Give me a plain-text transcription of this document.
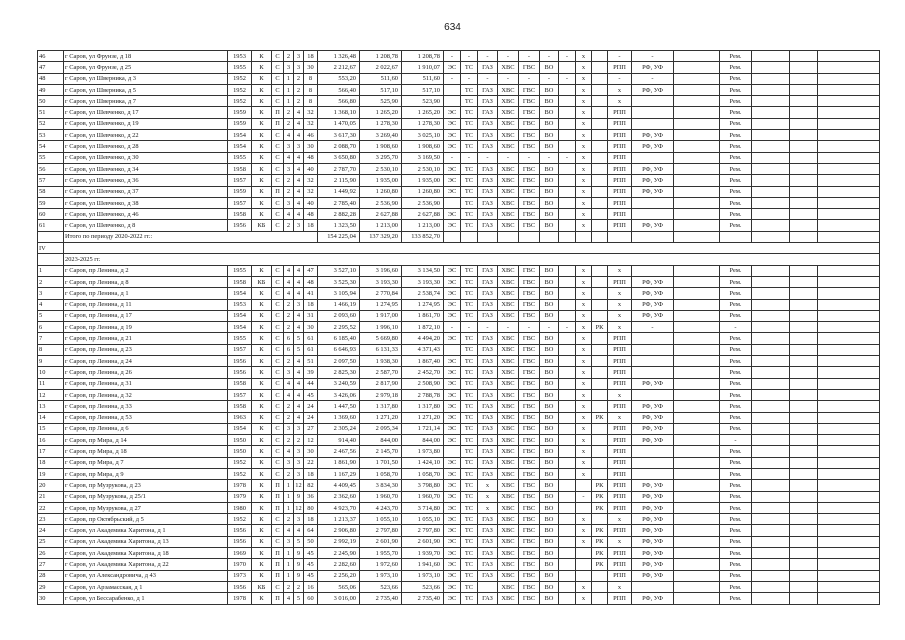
634
46	г Саров, ул Фрунзе, д 18	1953	К	С	2	3	18	1 326,48	1 208,78	1 208,78	-	-	-	-	-	-	-	х		-	-		Рем.			
47	г Саров, ул Фрунзе, д 25	1955	К	С	3	3	30	2 212,67	2 022,67	1 910,07	ЭС	ТС	ГАЗ	ХВС	ГВС	ВО		х		РПП	РФ, УФ		Рем.			
48	г Саров, ул Шверника, д 3	1952	К	С	1	2	8	553,20	511,60	511,60	-	-	-	-	-	-	-	х		-	-		Рем.			
49	г Саров, ул Шверника, д 5	1952	К	С	1	2	8	566,40	517,10	517,10		ТС	ГАЗ	ХВС	ГВС	ВО		х		х	РФ, УФ		Рем.			
50	г Саров, ул Шверника, д 7	1952	К	С	1	2	8	566,80	525,90	523,90		ТС	ГАЗ	ХВС	ГВС	ВО		х		х			Рем.			
51	г Саров, ул Шевченко, д 17	1959	К	П	2	4	32	1 368,10	1 265,20	1 265,20	ЭС	ТС	ГАЗ	ХВС	ГВС	ВО		х		РПП			Рем.			
52	г Саров, ул Шевченко, д 19	1959	К	П	2	4	32	1 470,05	1 278,30	1 278,30	ЭС	ТС	ГАЗ	ХВС	ГВС	ВО		х		РПП			Рем.			
53	г Саров, ул Шевченко, д 22	1954	К	С	4	4	46	3 617,30	3 269,40	3 025,10	ЭС	ТС	ГАЗ	ХВС	ГВС	ВО		х		РПП	РФ, УФ		Рем.			
54	г Саров, ул Шевченко, д 28	1954	К	С	3	3	30	2 088,70	1 908,60	1 908,60	ЭС	ТС	ГАЗ	ХВС	ГВС	ВО		х		РПП	РФ, УФ		Рем.			
55	г Саров, ул Шевченко, д 30	1955	К	С	4	4	48	3 650,80	3 295,70	3 169,50	-	-	-	-	-	-	-	х		РПП			Рем.			
56	г Саров, ул Шевченко, д 34	1958	К	С	3	4	40	2 787,70	2 530,10	2 530,10	ЭС	ТС	ГАЗ	ХВС	ГВС	ВО		х		РПП	РФ, УФ		Рем.			
57	г Саров, ул Шевченко, д 36	1957	К	С	2	4	32	2 115,90	1 935,00	1 935,00	ЭС	ТС	ГАЗ	ХВС	ГВС	ВО		х		РПП	РФ, УФ		Рем.			
58	г Саров, ул Шевченко, д 37	1959	К	П	2	4	32	1 449,92	1 260,80	1 260,80	ЭС	ТС	ГАЗ	ХВС	ГВС	ВО		х		РПП	РФ, УФ		Рем.			
59	г Саров, ул Шевченко, д 38	1957	К	С	3	4	40	2 785,40	2 536,90	2 536,90		ТС	ГАЗ	ХВС	ГВС	ВО		х		РПП			Рем.			
60	г Саров, ул Шевченко, д 46	1958	К	С	4	4	48	2 882,28	2 627,88	2 627,88	ЭС	ТС	ГАЗ	ХВС	ГВС	ВО		х		РПП			Рем.			
61	г Саров, ул Шевченко, д 8	1956	КБ	С	2	3	18	1 323,50	1 213,00	1 213,00	ЭС	ТС	ГАЗ	ХВС	ГВС	ВО		х		РПП	РФ, УФ		Рем.			
	Итого по периоду 2020-2022 гг.:							154 225,04	137 329,20	133 852,70																
IV																										
	2023-2025 гг.																									
1	г Саров, пр Ленина, д 2	1955	К	С	4	4	47	3 527,10	3 196,60	3 134,50	ЭС	ТС	ГАЗ	ХВС	ГВС	ВО		х		х			Рем.			
2	г Саров, пр Ленина, д 8	1958	КБ	С	4	4	48	3 525,30	3 193,30	3 193,30	ЭС	ТС	ГАЗ	ХВС	ГВС	ВО		х		РПП	РФ, УФ		Рем.			
3	г Саров, пр Ленина, д 1	1954	К	С	4	4	41	3 105,94	2 770,84	2 538,74	ЭС	ТС	ГАЗ	ХВС	ГВС	ВО		х		х	РФ, УФ		Рем.			
4	г Саров, пр Ленина, д 11	1953	К	С	2	3	18	1 466,19	1 274,95	1 274,95	ЭС	ТС	ГАЗ	ХВС	ГВС	ВО		х		х	РФ, УФ		Рем.			
5	г Саров, пр Ленина, д 17	1954	К	С	2	4	31	2 093,60	1 917,00	1 861,70	ЭС	ТС	ГАЗ	ХВС	ГВС	ВО		х		х	РФ, УФ		Рем.			
6	г Саров, пр Ленина, д 19	1954	К	С	2	4	30	2 295,52	1 996,10	1 872,10	-	-	-	-	-	-	-	х	РК	х	-		-			
7	г Саров, пр Ленина, д 21	1955	К	С	6	5	61	6 185,40	5 669,80	4 494,20	ЭС	ТС	ГАЗ	ХВС	ГВС	ВО		х		РПП			Рем.			
8	г Саров, пр Ленина, д 23	1957	К	С	6	5	61	6 646,93	6 131,33	4 371,43		ТС	ГАЗ	ХВС	ГВС	ВО		х		РПП			Рем.			
9	г Саров, пр Ленина, д 24	1956	К	С	2	4	51	2 097,50	1 938,30	1 867,40	ЭС	ТС	ГАЗ	ХВС	ГВС	ВО		х		РПП			Рем.			
10	г Саров, пр Ленина, д 26	1956	К	С	3	4	39	2 825,30	2 587,70	2 452,70	ЭС	ТС	ГАЗ	ХВС	ГВС	ВО		х		РПП			Рем.			
11	г Саров, пр Ленина, д 31	1958	К	С	4	4	44	3 240,59	2 817,90	2 508,90	ЭС	ТС	ГАЗ	ХВС	ГВС	ВО		х		РПП	РФ, УФ		Рем.			
12	г Саров, пр Ленина, д 32	1957	К	С	4	4	45	3 426,06	2 979,18	2 788,78	ЭС	ТС	ГАЗ	ХВС	ГВС	ВО		х		х			Рем.			
13	г Саров, пр Ленина, д 33	1958	К	С	2	4	24	1 447,50	1 317,80	1 317,80	ЭС	ТС	ГАЗ	ХВС	ГВС	ВО		х		РПП	РФ, УФ		Рем.			
14	г Саров, пр Ленина, д 53	1963	К	С	2	4	24	1 369,60	1 271,20	1 271,20	ЭС	ТС	ГАЗ	ХВС	ГВС	ВО		х	РК	х	РФ, УФ		Рем.			
15	г Саров, пр Ленина, д 6	1954	К	С	3	3	27	2 305,24	2 095,34	1 721,14	ЭС	ТС	ГАЗ	ХВС	ГВС	ВО		х		РПП	РФ, УФ		Рем.			
16	г Саров, пр Мира, д 14	1950	К	С	2	2	12	914,40	844,00	844,00	ЭС	ТС	ГАЗ	ХВС	ГВС	ВО		х		РПП	РФ, УФ		-			
17	г Саров, пр Мира, д 18	1950	К	С	4	3	30	2 467,56	2 145,70	1 973,80		ТС	ГАЗ	ХВС	ГВС	ВО		х		РПП			Рем.			
18	г Саров, пр Мира, д 7	1952	К	С	3	3	22	1 861,90	1 701,50	1 424,10	ЭС	ТС	ГАЗ	ХВС	ГВС	ВО		х		РПП			Рем.			
19	г Саров, пр Мира, д 9	1952	К	С	2	3	18	1 167,29	1 058,70	1 058,70	ЭС	ТС	ГАЗ	ХВС	ГВС	ВО		х		РПП			Рем.			
20	г Саров, пр Музрукова, д 23	1978	К	П	1	12	82	4 409,45	3 834,30	3 798,80	ЭС	ТС	х	ХВС	ГВС	ВО			РК	РПП	РФ, УФ		Рем.			
21	г Саров, пр Музрукова, д 25/1	1979	К	П	1	9	36	2 362,60	1 960,70	1 960,70	ЭС	ТС	х	ХВС	ГВС	ВО		-	РК	РПП	РФ, УФ		Рем.			
22	г Саров, пр Музрукова, д 27	1980	К	П	1	12	80	4 923,70	4 243,70	3 714,80	ЭС	ТС	х	ХВС	ГВС	ВО			РК	РПП	РФ, УФ		Рем.			
23	г Саров, пр Октябрьский, д 5	1952	К	С	2	3	18	1 213,37	1 055,10	1 055,10	ЭС	ТС	ГАЗ	ХВС	ГВС	ВО		х		х	РФ, УФ		Рем.			
24	г Саров, ул Академика Харитона, д 1	1956	К	С	4	4	64	2 906,80	2 797,80	2 797,80	ЭС	ТС	ГАЗ	ХВС	ГВС	ВО		х	РК	РПП	РФ, УФ		Рем.			
25	г Саров, ул Академика Харитона, д 13	1956	К	С	3	5	50	2 992,19	2 601,90	2 601,90	ЭС	ТС	ГАЗ	ХВС	ГВС	ВО		х	РК	х	РФ, УФ		Рем.			
26	г Саров, ул Академика Харитона, д 18	1969	К	П	1	9	45	2 245,90	1 955,70	1 939,70	ЭС	ТС	ГАЗ	ХВС	ГВС	ВО			РК	РПП	РФ, УФ		Рем.			
27	г Саров, ул Академика Харитона, д 22	1970	К	П	1	9	45	2 282,60	1 972,60	1 941,60	ЭС	ТС	ГАЗ	ХВС	ГВС	ВО			РК	РПП	РФ, УФ		Рем.			
28	г Саров, ул Александровича, д 43	1973	К	П	1	9	45	2 256,20	1 973,10	1 973,10	ЭС	ТС	ГАЗ	ХВС	ГВС	ВО				РПП	РФ, УФ		Рем.			
29	г Саров, ул Арзамасская, д 1	1956	КБ	С	2	2	16	565,06	523,66	523,66	ЭС	ТС		ХВС	ГВС	ВО		х		х			Рем.			
30	г Саров, ул Бессарабенко, д 1	1978	К	П	4	5	60	3 016,00	2 735,40	2 735,40	ЭС	ТС	ГАЗ	ХВС	ГВС	ВО		х		РПП	РФ, УФ		Рем.			
